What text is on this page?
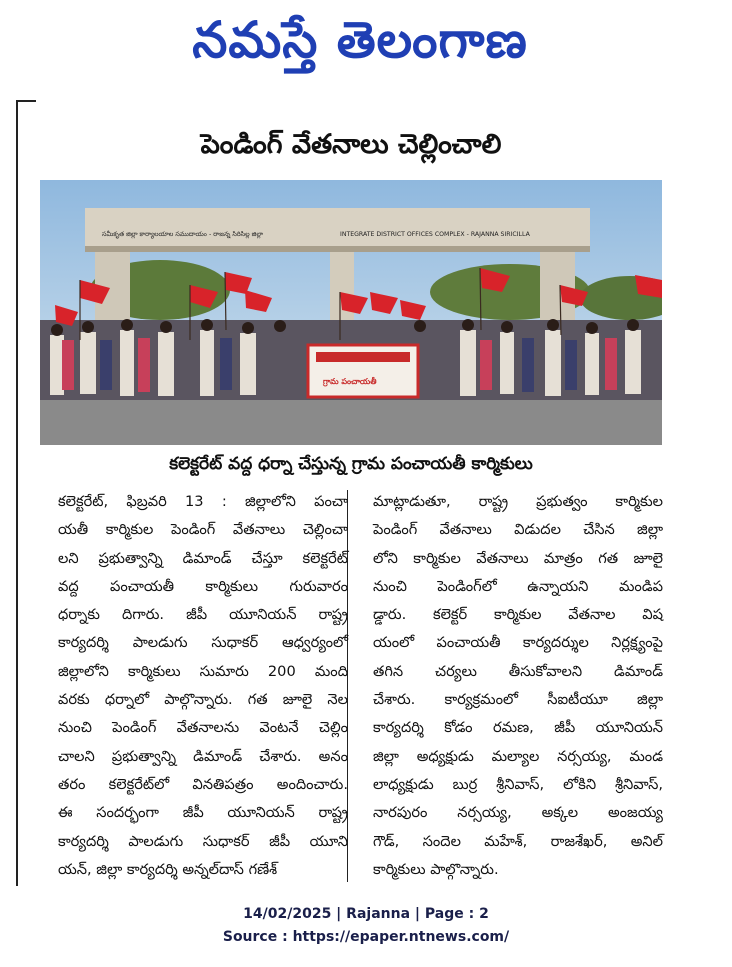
నమస్తే తెలంగాణ
పెండింగ్ వేతనాలు చెల్లించాలి
సమీకృత జిల్లా కార్యాలయాల సముదాయం - రాజన్న సిరిసిల్ల జిల్లా	INTEGRATE DISTRICT OFFICES COMPLEX - RAJANNA SIRICILLA
గ్రామ పంచాయతీ
కలెక్టరేట్ వద్ద ధర్నా చేస్తున్న గ్రామ పంచాయతీ కార్మికులు
కలెక్టరేట్, ఫిబ్రవరి 13 : జిల్లాలోని పంచా
యతీ కార్మికుల పెండింగ్ వేతనాలు చెల్లించా
లని ప్రభుత్వాన్ని డిమాండ్ చేస్తూ కలెక్టరేట్
వద్ద పంచాయతీ కార్మికులు గురువారం
ధర్నాకు దిగారు. జీపీ యూనియన్ రాష్ట్ర
కార్యదర్శి పాలడుగు సుధాకర్ ఆధ్వర్యంలో
జిల్లాలోని కార్మికులు సుమారు 200 మంది
వరకు ధర్నాలో పాల్గొన్నారు. గత జూలై నెల
నుంచి పెండింగ్ వేతనాలను వెంటనే చెల్లిం
చాలని ప్రభుత్వాన్ని డిమాండ్ చేశారు. అనం
తరం కలెక్టరేట్‌లో వినతిపత్రం అందించారు.
ఈ సందర్భంగా జీపీ యూనియన్ రాష్ట్ర
కార్యదర్శి పాలడుగు సుధాకర్ జీపీ యూని
యన్, జిల్లా కార్యదర్శి అన్నల్‌దాస్ గణేశ్
మాట్లాడుతూ, రాష్ట్ర ప్రభుత్వం కార్మికుల
పెండింగ్ వేతనాలు విడుదల చేసిన జిల్లా
లోని కార్మికుల వేతనాలు మాత్రం గత జూలై
నుంచి పెండింగ్‌లో ఉన్నాయని మండిప
డ్డారు. కలెక్టర్ కార్మికుల వేతనాల విష
యంలో పంచాయతీ కార్యదర్శుల నిర్లక్ష్యంపై
తగిన చర్యలు తీసుకోవాలని డిమాండ్
చేశారు. కార్యక్రమంలో సీఐటీయూ జిల్లా
కార్యదర్శి కోడం రమణ, జీపీ యూనియన్
జిల్లా అధ్యక్షుడు మల్యాల నర్సయ్య, మండ
లాధ్యక్షుడు బుర్ర శ్రీనివాస్, లోకిని శ్రీనివాస్,
నారపురం నర్సయ్య, అక్కల అంజయ్య
గౌడ్, సందెల మహేశ్, రాజశేఖర్, అనిల్
కార్మికులు పాల్గొన్నారు.
14/02/2025 | Rajanna | Page : 2
Source : https://epaper.ntnews.com/
